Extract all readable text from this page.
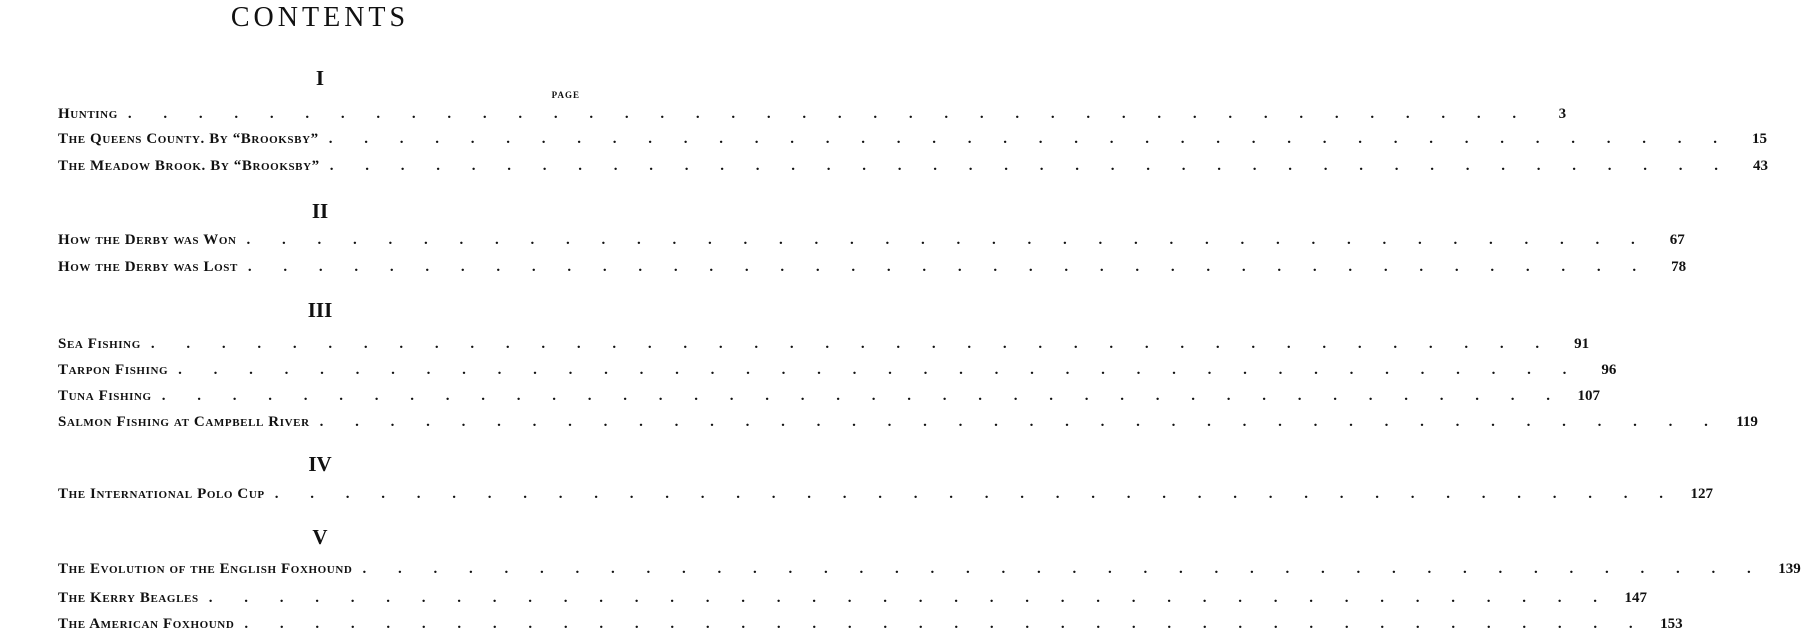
CONTENTS
I
PAGE
Hunting . . . . . . . . . . . . . . . . . . . . . . . . . . . . . . . . . . . . . . . .	3
The Queens County. By “Brooksby” . . . . . . . . . . . . . . . . . . . . . . . . . . . . . . . . . . . . . . . .	15
The Meadow Brook. By “Brooksby” . . . . . . . . . . . . . . . . . . . . . . . . . . . . . . . . . . . . . . . .	43
II
How the Derby was Won . . . . . . . . . . . . . . . . . . . . . . . . . . . . . . . . . . . . . . . .	67
How the Derby was Lost . . . . . . . . . . . . . . . . . . . . . . . . . . . . . . . . . . . . . . . .	78
III
Sea Fishing . . . . . . . . . . . . . . . . . . . . . . . . . . . . . . . . . . . . . . . .	91
Tarpon Fishing . . . . . . . . . . . . . . . . . . . . . . . . . . . . . . . . . . . . . . . .	96
Tuna Fishing . . . . . . . . . . . . . . . . . . . . . . . . . . . . . . . . . . . . . . . . 107
Salmon Fishing at Campbell River . . . . . . . . . . . . . . . . . . . . . . . . . . . . . . . . . . . . . . . . 119
IV
The International Polo Cup . . . . . . . . . . . . . . . . . . . . . . . . . . . . . . . . . . . . . . . . 127
V
The Evolution of the English Foxhound . . . . . . . . . . . . . . . . . . . . . . . . . . . . . . . . . . . . . . . . 139
The Kerry Beagles . . . . . . . . . . . . . . . . . . . . . . . . . . . . . . . . . . . . . . . . 147
The American Foxhound . . . . . . . . . . . . . . . . . . . . . . . . . . . . . . . . . . . . . . . . 153
